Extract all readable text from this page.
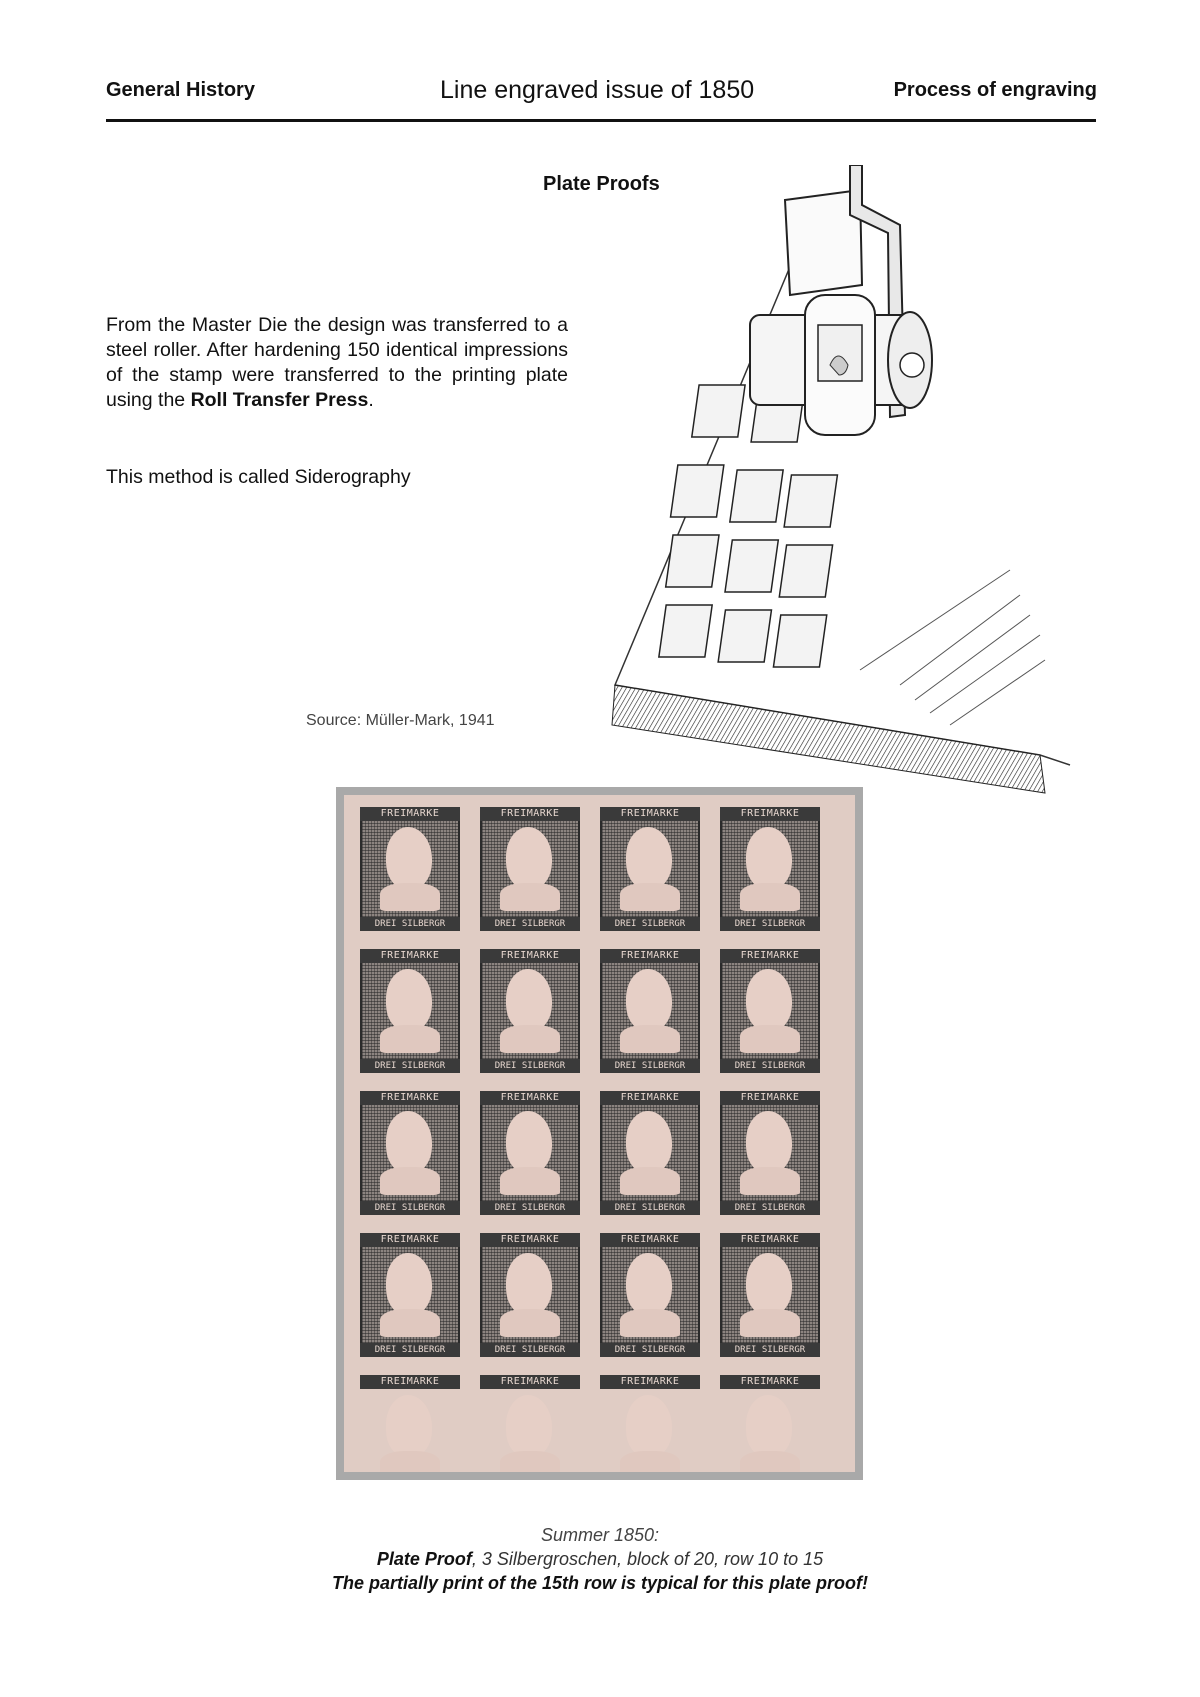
General History	Line engraved issue of 1850	Process of engraving
Plate Proofs
From the Master Die the design was transferred to a steel roller. After hardening 150 identical impressions of the stamp were transferred to the printing plate using the Roll Transfer Press.
This method is called Siderography
Source: Müller-Mark, 1941
FREIMARKE
DREI SILBERGR
FREIMARKE
DREI SILBERGR
FREIMARKE
DREI SILBERGR
FREIMARKE
DREI SILBERGR
FREIMARKE
DREI SILBERGR
FREIMARKE
DREI SILBERGR
FREIMARKE
DREI SILBERGR
FREIMARKE
DREI SILBERGR
FREIMARKE
DREI SILBERGR
FREIMARKE
DREI SILBERGR
FREIMARKE
DREI SILBERGR
FREIMARKE
DREI SILBERGR
FREIMARKE
DREI SILBERGR
FREIMARKE
DREI SILBERGR
FREIMARKE
DREI SILBERGR
FREIMARKE
DREI SILBERGR
FREIMARKE	FREIMARKE	FREIMARKE	FREIMARKE
Summer 1850:
Plate Proof, 3 Silbergroschen, block of 20, row 10 to 15
The partially print of the 15th row is typical for this plate proof!
